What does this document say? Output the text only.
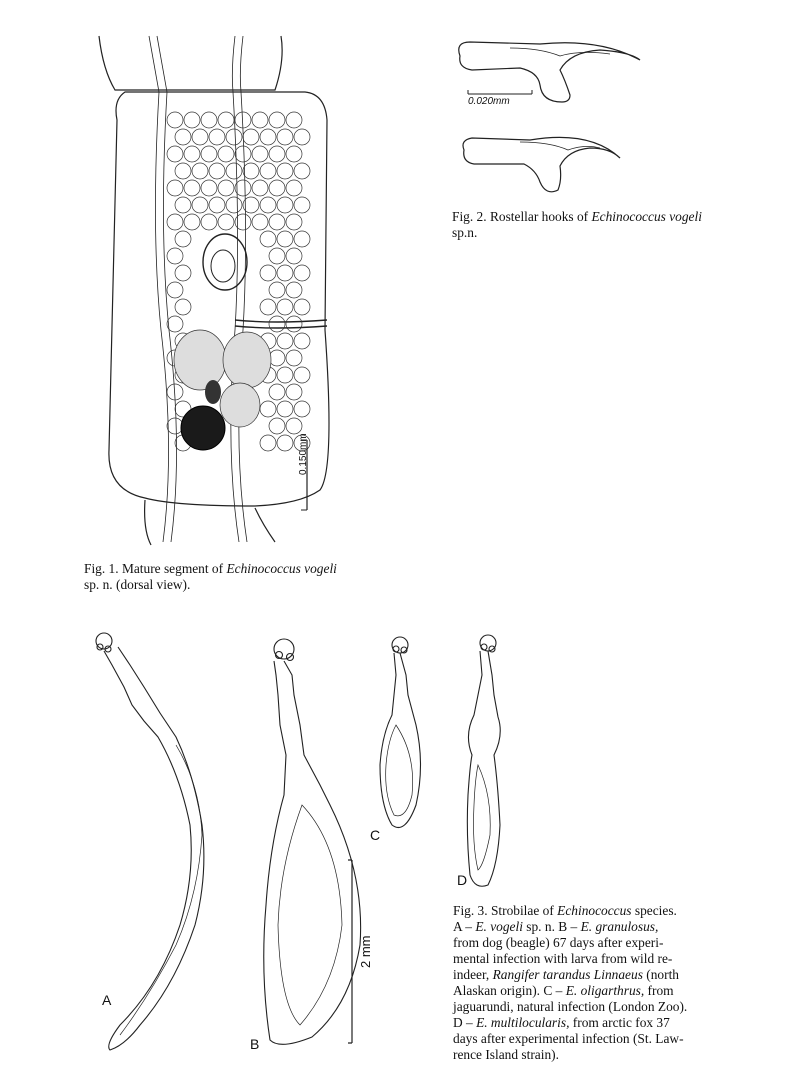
0.150mm
Fig. 1. Mature segment of Echinococcus vogeli
sp. n. (dorsal view).
0.020mm
Fig. 2. Rostellar hooks of Echinococcus vogeli
sp.n.
A
B
C
D
2 mm
Fig. 3. Strobilae of Echinococcus species.
A – E. vogeli sp. n. B – E. granulosus,
from dog (beagle) 67 days after experi-
mental infection with larva from wild re-
indeer, Rangifer tarandus Linnaeus (north
Alaskan origin). C – E. oligarthrus, from
jaguarundi, natural infection (London Zoo).
D – E. multilocularis, from arctic fox 37
days after experimental infection (St. Law-
rence Island strain).
